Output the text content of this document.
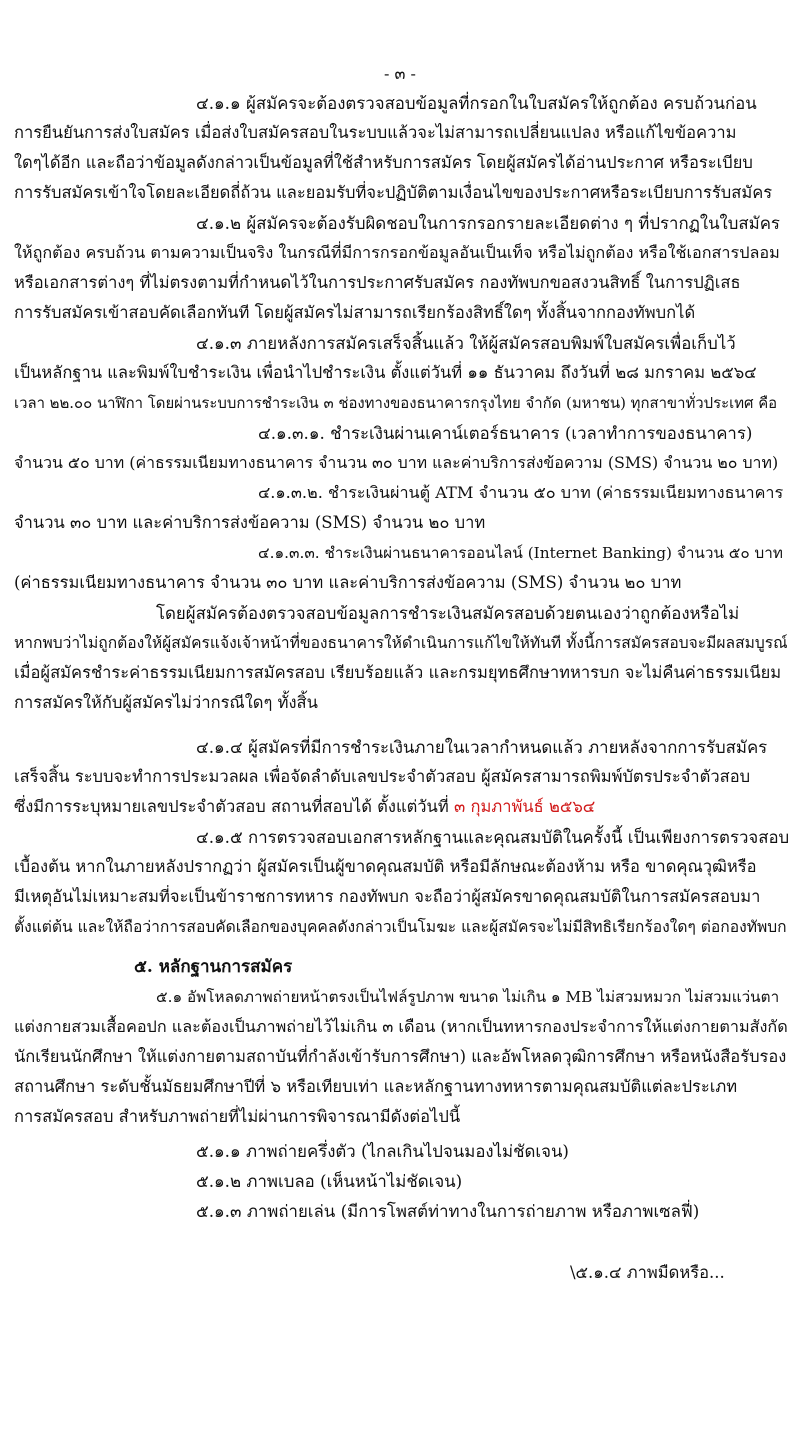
- ๓ -
๔.๑.๑ ผู้สมัครจะต้องตรวจสอบข้อมูลที่กรอกในใบสมัครให้ถูกต้อง ครบถ้วนก่อน
การยืนยันการส่งใบสมัคร เมื่อส่งใบสมัครสอบในระบบแล้วจะไม่สามารถเปลี่ยนแปลง หรือแก้ไขข้อความ
ใดๆได้อีก และถือว่าข้อมูลดังกล่าวเป็นข้อมูลที่ใช้สำหรับการสมัคร โดยผู้สมัครได้อ่านประกาศ หรือระเบียบ
การรับสมัครเข้าใจโดยละเอียดถี่ถ้วน และยอมรับที่จะปฏิบัติตามเงื่อนไขของประกาศหรือระเบียบการรับสมัคร
๔.๑.๒ ผู้สมัครจะต้องรับผิดชอบในการกรอกรายละเอียดต่าง ๆ ที่ปรากฏในใบสมัคร
ให้ถูกต้อง ครบถ้วน ตามความเป็นจริง ในกรณีที่มีการกรอกข้อมูลอันเป็นเท็จ หรือไม่ถูกต้อง หรือใช้เอกสารปลอม
หรือเอกสารต่างๆ ที่ไม่ตรงตามที่กำหนดไว้ในการประกาศรับสมัคร กองทัพบกขอสงวนสิทธิ์ ในการปฏิเสธ
การรับสมัครเข้าสอบคัดเลือกทันที โดยผู้สมัครไม่สามารถเรียกร้องสิทธิ์ใดๆ ทั้งสิ้นจากกองทัพบกได้
๔.๑.๓ ภายหลังการสมัครเสร็จสิ้นแล้ว ให้ผู้สมัครสอบพิมพ์ใบสมัครเพื่อเก็บไว้
เป็นหลักฐาน และพิมพ์ใบชำระเงิน เพื่อนำไปชำระเงิน ตั้งแต่วันที่ ๑๑ ธันวาคม ถึงวันที่ ๒๘ มกราคม ๒๕๖๔
เวลา ๒๒.๐๐ นาฬิกา โดยผ่านระบบการชำระเงิน ๓ ช่องทางของธนาคารกรุงไทย จำกัด (มหาชน) ทุกสาขาทั่วประเทศ คือ
๔.๑.๓.๑. ชำระเงินผ่านเคาน์เตอร์ธนาคาร (เวลาทำการของธนาคาร)
จำนวน ๕๐ บาท (ค่าธรรมเนียมทางธนาคาร จำนวน ๓๐ บาท และค่าบริการส่งข้อความ (SMS) จำนวน ๒๐ บาท)
๔.๑.๓.๒. ชำระเงินผ่านตู้ ATM จำนวน ๕๐ บาท (ค่าธรรมเนียมทางธนาคาร
จำนวน ๓๐ บาท และค่าบริการส่งข้อความ (SMS) จำนวน ๒๐ บาท
๔.๑.๓.๓. ชำระเงินผ่านธนาคารออนไลน์ (Internet Banking) จำนวน ๕๐ บาท
(ค่าธรรมเนียมทางธนาคาร จำนวน ๓๐ บาท และค่าบริการส่งข้อความ (SMS) จำนวน ๒๐ บาท
โดยผู้สมัครต้องตรวจสอบข้อมูลการชำระเงินสมัครสอบด้วยตนเองว่าถูกต้องหรือไม่
หากพบว่าไม่ถูกต้องให้ผู้สมัครแจ้งเจ้าหน้าที่ของธนาคารให้ดำเนินการแก้ไขให้ทันที ทั้งนี้การสมัครสอบจะมีผลสมบูรณ์
เมื่อผู้สมัครชำระค่าธรรมเนียมการสมัครสอบ เรียบร้อยแล้ว และกรมยุทธศึกษาทหารบก จะไม่คืนค่าธรรมเนียม
การสมัครให้กับผู้สมัครไม่ว่ากรณีใดๆ ทั้งสิ้น
๔.๑.๔ ผู้สมัครที่มีการชำระเงินภายในเวลากำหนดแล้ว ภายหลังจากการรับสมัคร
เสร็จสิ้น ระบบจะทำการประมวลผล เพื่อจัดลำดับเลขประจำตัวสอบ ผู้สมัครสามารถพิมพ์บัตรประจำตัวสอบ
ซึ่งมีการระบุหมายเลขประจำตัวสอบ สถานที่สอบได้ ตั้งแต่วันที่ ๓ กุมภาพันธ์ ๒๕๖๔
๔.๑.๕ การตรวจสอบเอกสารหลักฐานและคุณสมบัติในครั้งนี้ เป็นเพียงการตรวจสอบ
เบื้องต้น หากในภายหลังปรากฏว่า ผู้สมัครเป็นผู้ขาดคุณสมบัติ หรือมีลักษณะต้องห้าม หรือ ขาดคุณวุฒิหรือ
มีเหตุอันไม่เหมาะสมที่จะเป็นข้าราชการทหาร กองทัพบก จะถือว่าผู้สมัครขาดคุณสมบัติในการสมัครสอบมา
ตั้งแต่ต้น และให้ถือว่าการสอบคัดเลือกของบุคคลดังกล่าวเป็นโมฆะ และผู้สมัครจะไม่มีสิทธิเรียกร้องใดๆ ต่อกองทัพบก
๕. หลักฐานการสมัคร
๕.๑ อัพโหลดภาพถ่ายหน้าตรงเป็นไฟล์รูปภาพ ขนาด ไม่เกิน ๑ MB ไม่สวมหมวก ไม่สวมแว่นตา
แต่งกายสวมเสื้อคอปก และต้องเป็นภาพถ่ายไว้ไม่เกิน ๓ เดือน (หากเป็นทหารกองประจำการให้แต่งกายตามสังกัด
นักเรียนนักศึกษา ให้แต่งกายตามสถาบันที่กำลังเข้ารับการศึกษา) และอัพโหลดวุฒิการศึกษา หรือหนังสือรับรอง
สถานศึกษา ระดับชั้นมัธยมศึกษาปีที่ ๖ หรือเทียบเท่า และหลักฐานทางทหารตามคุณสมบัติแต่ละประเภท
การสมัครสอบ สำหรับภาพถ่ายที่ไม่ผ่านการพิจารณามีดังต่อไปนี้
๕.๑.๑ ภาพถ่ายครึ่งตัว (ไกลเกินไปจนมองไม่ชัดเจน)
๕.๑.๒ ภาพเบลอ (เห็นหน้าไม่ชัดเจน)
๕.๑.๓ ภาพถ่ายเล่น (มีการโพสต์ท่าทางในการถ่ายภาพ หรือภาพเซลฟี่)
\๕.๑.๔ ภาพมืดหรือ...
